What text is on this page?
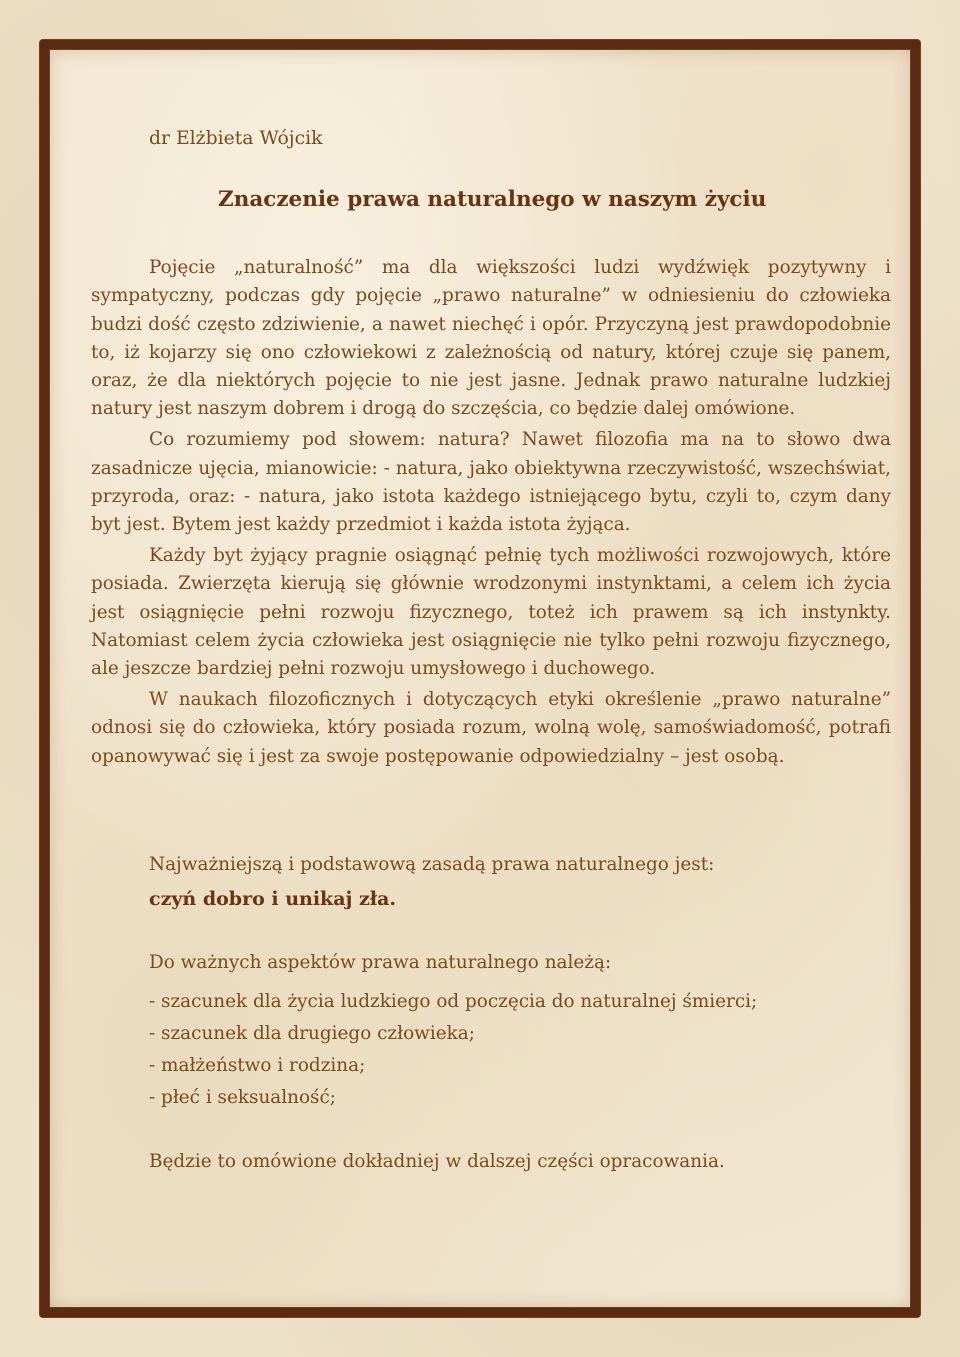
dr Elżbieta Wójcik

Znaczenie prawa naturalnego w naszym życiu

Pojęcie „naturalność” ma dla większości ludzi wydźwięk pozytywny i sympatyczny, podczas gdy pojęcie „prawo naturalne” w odniesieniu do człowieka budzi dość często zdziwienie, a nawet niechęć i opór. Przyczyną jest prawdopodobnie to, iż kojarzy się ono człowiekowi z zależnością od natury, której czuje się panem, oraz, że dla niektórych pojęcie to nie jest jasne. Jednak prawo naturalne ludzkiej natury jest naszym dobrem i drogą do szczęścia, co będzie dalej omówione.

Co rozumiemy pod słowem: natura? Nawet filozofia ma na to słowo dwa zasadnicze ujęcia, mianowicie: - natura, jako obiektywna rzeczywistość, wszechświat, przyroda, oraz: - natura, jako istota każdego istniejącego bytu, czyli to, czym dany byt jest. Bytem jest każdy przedmiot i każda istota żyjąca.

Każdy byt żyjący pragnie osiągnąć pełnię tych możliwości rozwojowych, które posiada. Zwierzęta kierują się głównie wrodzonymi instynktami, a celem ich życia jest osiągnięcie pełni rozwoju fizycznego, toteż ich prawem są ich instynkty. Natomiast celem życia człowieka jest osiągnięcie nie tylko pełni rozwoju fizycznego, ale jeszcze bardziej pełni rozwoju umysłowego i duchowego.

W naukach filozoficznych i dotyczących etyki określenie „prawo naturalne” odnosi się do człowieka, który posiada rozum, wolną wolę, samoświadomość, potrafi opanowywać się i jest za swoje postępowanie odpowiedzialny – jest osobą.

Najważniejszą i podstawową zasadą prawa naturalnego jest:
czyń dobro i unikaj zła.
Do ważnych aspektów prawa naturalnego należą:
- szacunek dla życia ludzkiego od poczęcia do naturalnej śmierci;
- szacunek dla drugiego człowieka;
- małżeństwo i rodzina;
- płeć i seksualność;
Będzie to omówione dokładniej w dalszej części opracowania.
